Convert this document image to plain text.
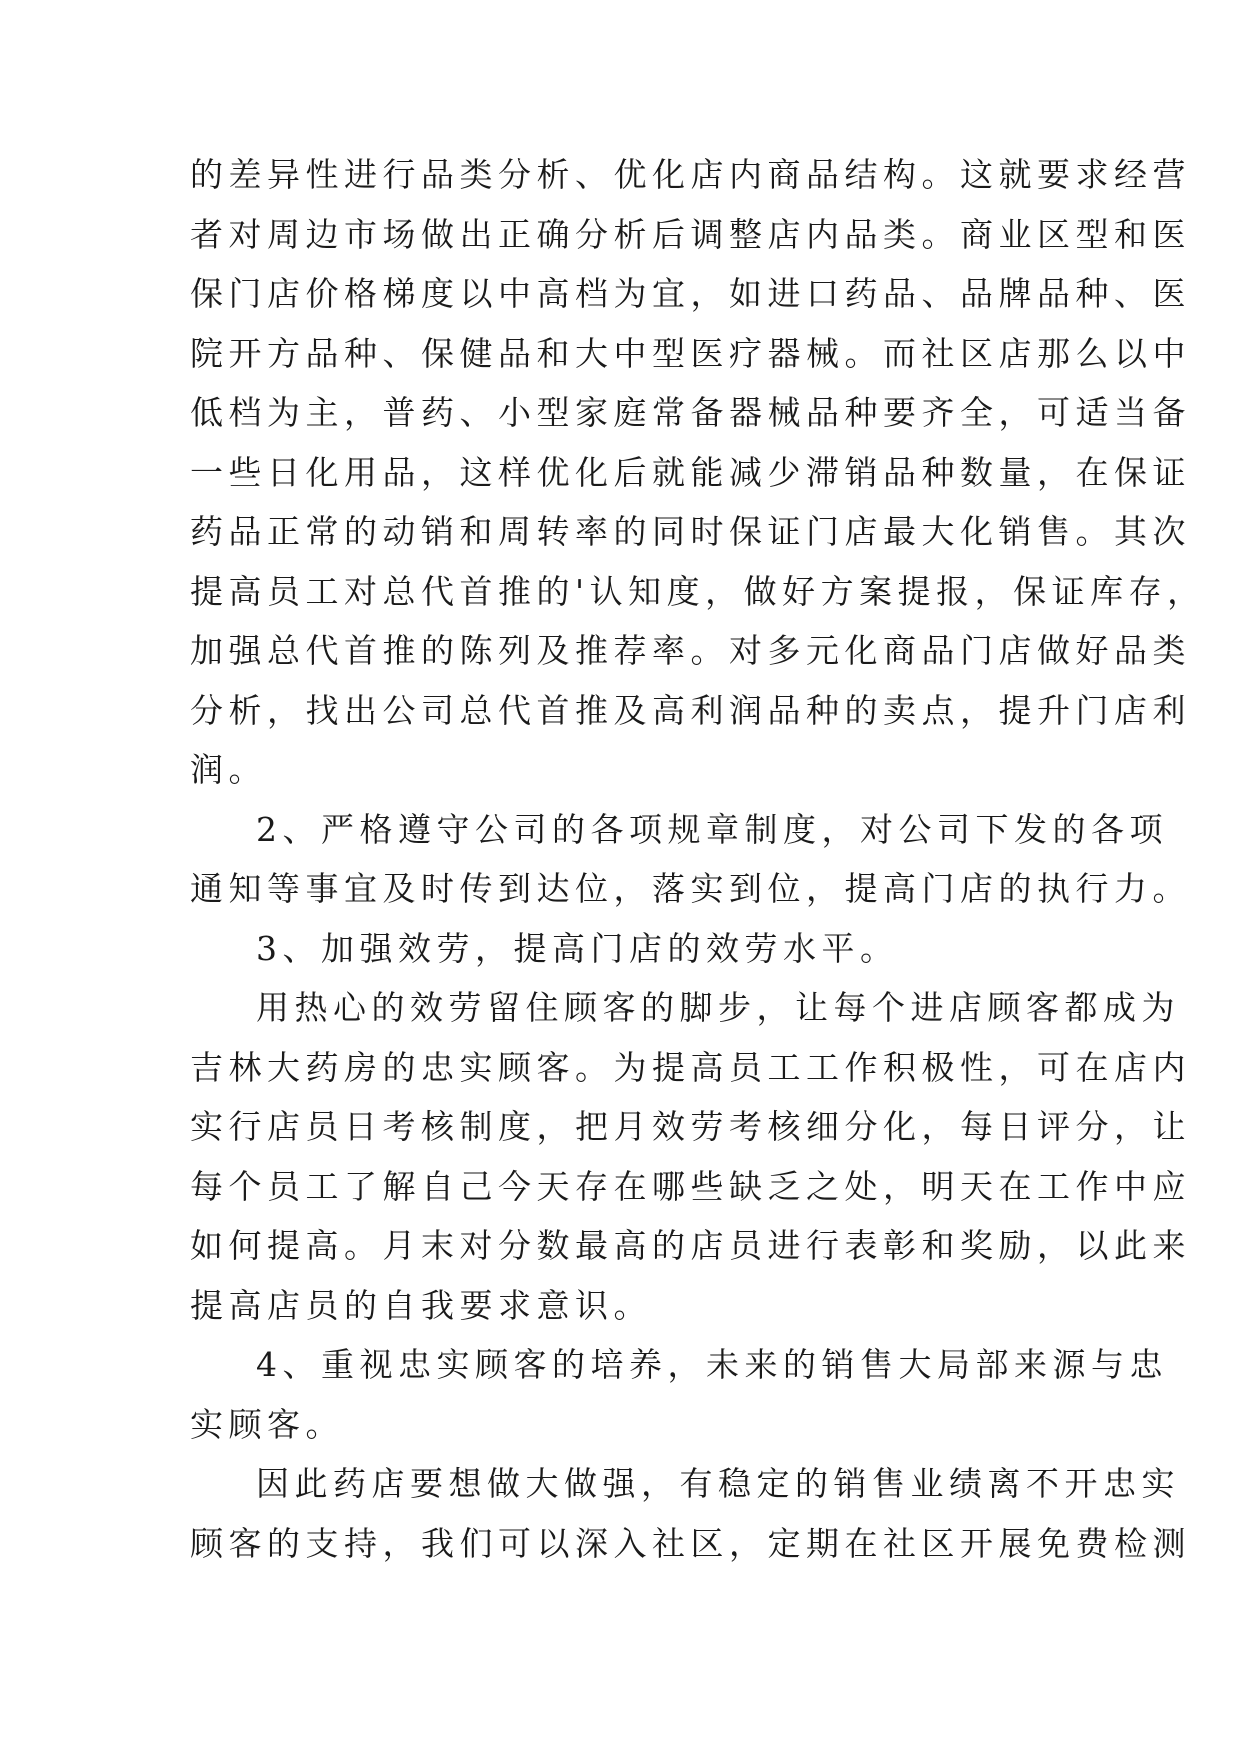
的差异性进行品类分析、优化店内商品结构。这就要求经营
者对周边市场做出正确分析后调整店内品类。商业区型和医
保门店价格梯度以中高档为宜，如进口药品、品牌品种、医
院开方品种、保健品和大中型医疗器械。而社区店那么以中
低档为主，普药、小型家庭常备器械品种要齐全，可适当备
一些日化用品，这样优化后就能减少滞销品种数量，在保证
药品正常的动销和周转率的同时保证门店最大化销售。其次
提高员工对总代首推的'认知度，做好方案提报，保证库存，
加强总代首推的陈列及推荐率。对多元化商品门店做好品类
分析，找出公司总代首推及高利润品种的卖点，提升门店利
润。
2、严格遵守公司的各项规章制度，对公司下发的各项
通知等事宜及时传到达位，落实到位，提高门店的执行力。
3、加强效劳，提高门店的效劳水平。
用热心的效劳留住顾客的脚步，让每个进店顾客都成为
吉林大药房的忠实顾客。为提高员工工作积极性，可在店内
实行店员日考核制度，把月效劳考核细分化，每日评分，让
每个员工了解自己今天存在哪些缺乏之处，明天在工作中应
如何提高。月末对分数最高的店员进行表彰和奖励，以此来
提高店员的自我要求意识。
4、重视忠实顾客的培养，未来的销售大局部来源与忠
实顾客。
因此药店要想做大做强，有稳定的销售业绩离不开忠实
顾客的支持，我们可以深入社区，定期在社区开展免费检测
